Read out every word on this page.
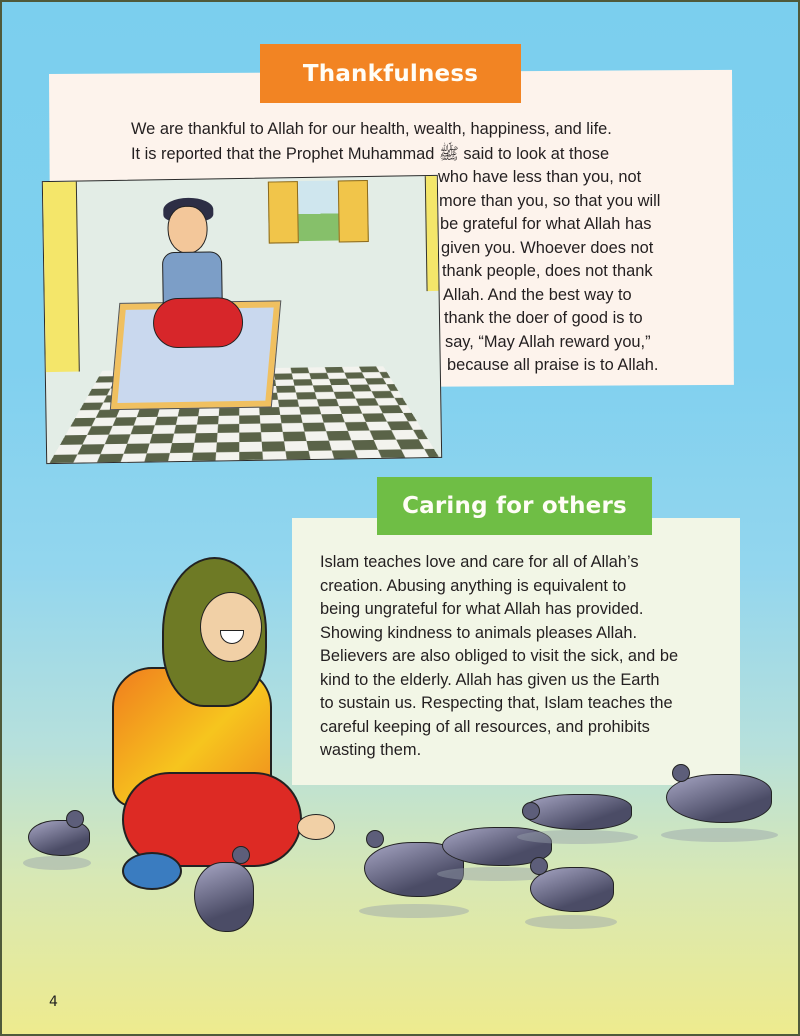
Thankfulness
We are thankful to Allah for our health, wealth, happiness, and life.
It is reported that the Prophet Muhammad ﷺ said to look at those
who have less than you, not
more than you, so that you will
be grateful for what Allah has
given you. Whoever does not
thank people, does not thank
Allah. And the best way to
thank the doer of good is to
say, “May Allah reward you,”
because all praise is to Allah.
Caring for others
Islam teaches love and care for all of Allah’s
creation. Abusing anything is equivalent to
being ungrateful for what Allah has provided.
Showing kindness to animals pleases Allah.
Believers are also obliged to visit the sick, and be
kind to the elderly. Allah has given us the Earth
to sustain us. Respecting that, Islam teaches the
careful keeping of all resources, and prohibits
wasting them.
4
